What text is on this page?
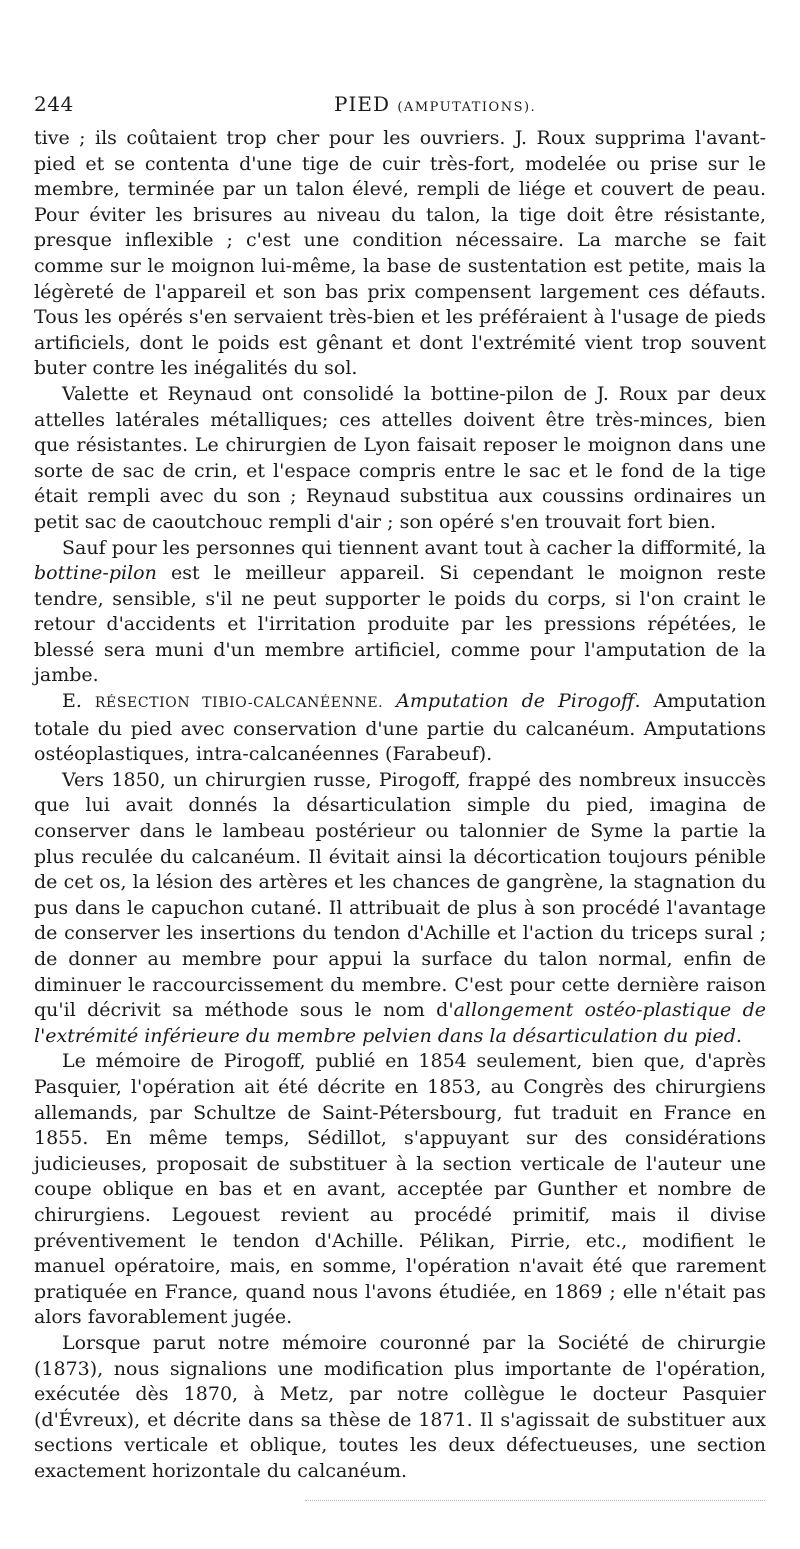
244	PIED (AMPUTATIONS).

tive ; ils coûtaient trop cher pour les ouvriers. J. Roux supprima l'avant-pied et se contenta d'une tige de cuir très-fort, modelée ou prise sur le membre, terminée par un talon élevé, rempli de liége et couvert de peau. Pour éviter les brisures au niveau du talon, la tige doit être résistante, presque inflexible ; c'est une condition nécessaire. La marche se fait comme sur le moignon lui-même, la base de sustentation est petite, mais la légèreté de l'appareil et son bas prix compensent largement ces défauts. Tous les opérés s'en servaient très-bien et les préféraient à l'usage de pieds artificiels, dont le poids est gênant et dont l'extrémité vient trop souvent buter contre les inégalités du sol.

Valette et Reynaud ont consolidé la bottine-pilon de J. Roux par deux attelles latérales métalliques; ces attelles doivent être très-minces, bien que résistantes. Le chirurgien de Lyon faisait reposer le moignon dans une sorte de sac de crin, et l'espace compris entre le sac et le fond de la tige était rempli avec du son ; Reynaud substitua aux coussins ordinaires un petit sac de caoutchouc rempli d'air ; son opéré s'en trouvait fort bien.

Sauf pour les personnes qui tiennent avant tout à cacher la difformité, la bottine-pilon est le meilleur appareil. Si cependant le moignon reste tendre, sensible, s'il ne peut supporter le poids du corps, si l'on craint le retour d'accidents et l'irritation produite par les pressions répétées, le blessé sera muni d'un membre artificiel, comme pour l'amputation de la jambe.

E. RÉSECTION TIBIO-CALCANÉENNE. Amputation de Pirogoff. Amputation totale du pied avec conservation d'une partie du calcanéum. Amputations ostéoplastiques, intra-calcanéennes (Farabeuf).

Vers 1850, un chirurgien russe, Pirogoff, frappé des nombreux insuccès que lui avait donnés la désarticulation simple du pied, imagina de conserver dans le lambeau postérieur ou talonnier de Syme la partie la plus reculée du calcanéum. Il évitait ainsi la décortication toujours pénible de cet os, la lésion des artères et les chances de gangrène, la stagnation du pus dans le capuchon cutané. Il attribuait de plus à son procédé l'avantage de conserver les insertions du tendon d'Achille et l'action du triceps sural ; de donner au membre pour appui la surface du talon normal, enfin de diminuer le raccourcissement du membre. C'est pour cette dernière raison qu'il décrivit sa méthode sous le nom d'allongement ostéo-plastique de l'extrémité inférieure du membre pelvien dans la désarticulation du pied.

Le mémoire de Pirogoff, publié en 1854 seulement, bien que, d'après Pasquier, l'opération ait été décrite en 1853, au Congrès des chirurgiens allemands, par Schultze de Saint-Pétersbourg, fut traduit en France en 1855. En même temps, Sédillot, s'appuyant sur des considérations judicieuses, proposait de substituer à la section verticale de l'auteur une coupe oblique en bas et en avant, acceptée par Gunther et nombre de chirurgiens. Legouest revient au procédé primitif, mais il divise préventivement le tendon d'Achille. Pélikan, Pirrie, etc., modifient le manuel opératoire, mais, en somme, l'opération n'avait été que rarement pratiquée en France, quand nous l'avons étudiée, en 1869 ; elle n'était pas alors favorablement jugée.

Lorsque parut notre mémoire couronné par la Société de chirurgie (1873), nous signalions une modification plus importante de l'opération, exécutée dès 1870, à Metz, par notre collègue le docteur Pasquier (d'Évreux), et décrite dans sa thèse de 1871. Il s'agissait de substituer aux sections verticale et oblique, toutes les deux défectueuses, une section exactement horizontale du calcanéum.
